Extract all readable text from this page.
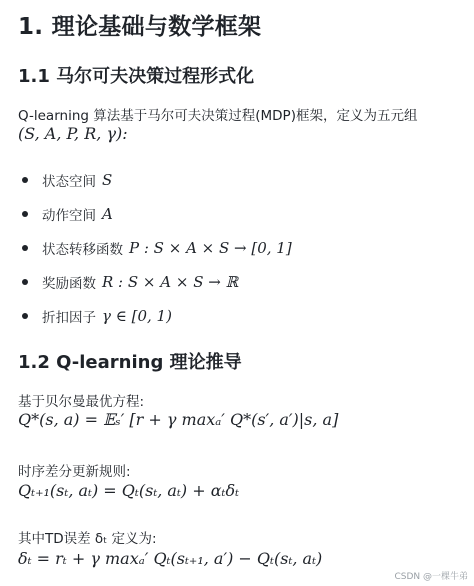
1. 理论基础与数学框架
1.1 马尔可夫决策过程形式化
Q-learning 算法基于马尔可夫决策过程(MDP)框架，定义为五元组
(S, A, P, R, γ):
状态空间 S
动作空间 A
状态转移函数 P : S × A × S → [0, 1]
奖励函数 R : S × A × S → ℝ
折扣因子 γ ∈ [0, 1)
1.2 Q-learning 理论推导
基于贝尔曼最优方程:
Q*(s, a) = 𝔼ₛ′ [r + γ maxₐ′ Q*(s′, a′)|s, a]
时序差分更新规则:
Qₜ₊₁(sₜ, aₜ) = Qₜ(sₜ, aₜ) + αₜδₜ
其中TD误差 δₜ 定义为:
δₜ = rₜ + γ maxₐ′ Qₜ(sₜ₊₁, a′) − Qₜ(sₜ, aₜ)
CSDN @一棵牛弟
